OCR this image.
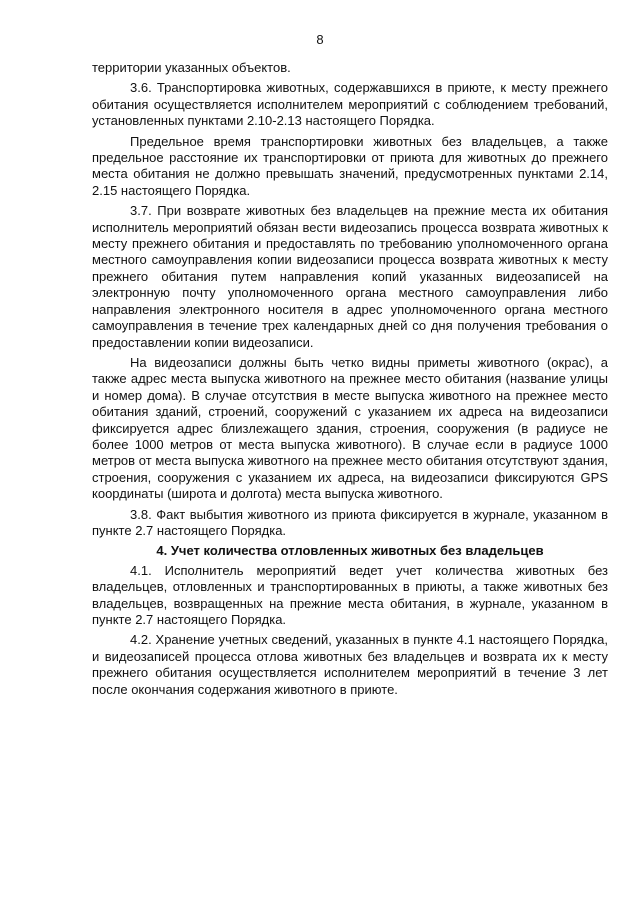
8

территории указанных объектов.

3.6. Транспортировка животных, содержавшихся в приюте, к месту прежнего обитания осуществляется исполнителем мероприятий с соблюдением требований, установленных пунктами 2.10-2.13 настоящего Порядка.

Предельное время транспортировки животных без владельцев, а также предельное расстояние их транспортировки от приюта для животных до прежнего места обитания не должно превышать значений, предусмотренных пунктами 2.14, 2.15 настоящего Порядка.

3.7. При возврате животных без владельцев на прежние места их обитания исполнитель мероприятий обязан вести видеозапись процесса возврата животных к месту прежнего обитания и предоставлять по требованию уполномоченного органа местного самоуправления копии видеозаписи процесса возврата животных к месту прежнего обитания путем направления копий указанных видеозаписей на электронную почту уполномоченного органа местного самоуправления либо направления электронного носителя в адрес уполномоченного органа местного самоуправления в течение трех календарных дней со дня получения требования о предоставлении копии видеозаписи.

На видеозаписи должны быть четко видны приметы животного (окрас), а также адрес места выпуска животного на прежнее место обитания (название улицы и номер дома). В случае отсутствия в месте выпуска животного на прежнее место обитания зданий, строений, сооружений с указанием их адреса на видеозаписи фиксируется адрес близлежащего здания, строения, сооружения (в радиусе не более 1000 метров от места выпуска животного). В случае если в радиусе 1000 метров от места выпуска животного на прежнее место обитания отсутствуют здания, строения, сооружения с указанием их адреса, на видеозаписи фиксируются GPS координаты (широта и долгота) места выпуска животного.

3.8. Факт выбытия животного из приюта фиксируется в журнале, указанном в пункте 2.7 настоящего Порядка.

4. Учет количества отловленных животных без владельцев

4.1. Исполнитель мероприятий ведет учет количества животных без владельцев, отловленных и транспортированных в приюты, а также животных без владельцев, возвращенных на прежние места обитания, в журнале, указанном в пункте 2.7 настоящего Порядка.

4.2. Хранение учетных сведений, указанных в пункте 4.1 настоящего Порядка, и видеозаписей процесса отлова животных без владельцев и возврата их к месту прежнего обитания осуществляется исполнителем мероприятий в течение 3 лет после окончания содержания животного в приюте.
